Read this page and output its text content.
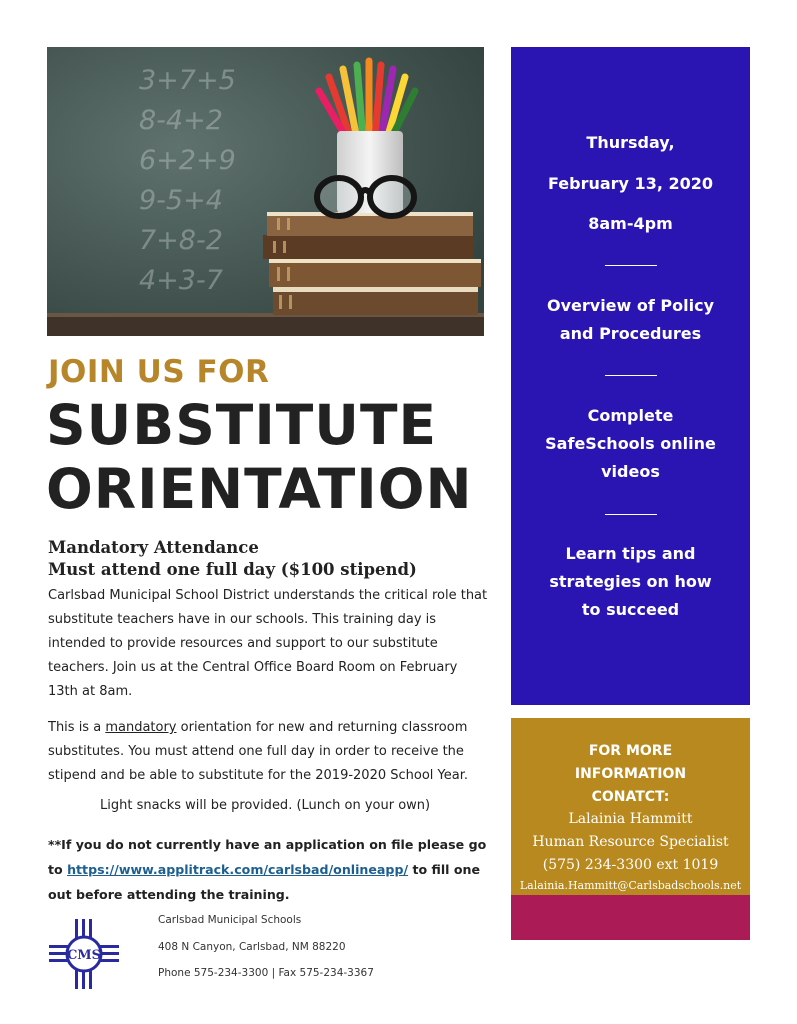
3+7+5
8-4+2
6+2+9
9-5+4
7+8-2
4+3-7
JOIN US FOR
SUBSTITUTE
ORIENTATION
Mandatory Attendance
Must attend one full day ($100 stipend)

Carlsbad Municipal School District understands the critical role that substitute teachers have in our schools. This training day is intended to provide resources and support to our substitute teachers. Join us at the Central Office Board Room on February 13th at 8am.

This is a mandatory orientation for new and returning classroom substitutes. You must attend one full day in order to receive the stipend and be able to substitute for the 2019-2020 School Year.

Light snacks will be provided. (Lunch on your own)

**If you do not currently have an application on file please go to https://www.applitrack.com/carlsbad/onlineapp/ to fill one out before attending the training.

CMS
Carlsbad Municipal Schools
408 N Canyon, Carlsbad, NM 88220
Phone 575-234-3300 | Fax 575-234-3367
Thursday,
February 13, 2020
8am-4pm
Overview of Policy
and Procedures
Complete
SafeSchools online
videos
Learn tips and
strategies on how
to succeed
FOR MORE
INFORMATION
CONATCT:
Lalainia Hammitt
Human Resource Specialist
(575) 234-3300 ext 1019
Lalainia.Hammitt@Carlsbadschools.net
